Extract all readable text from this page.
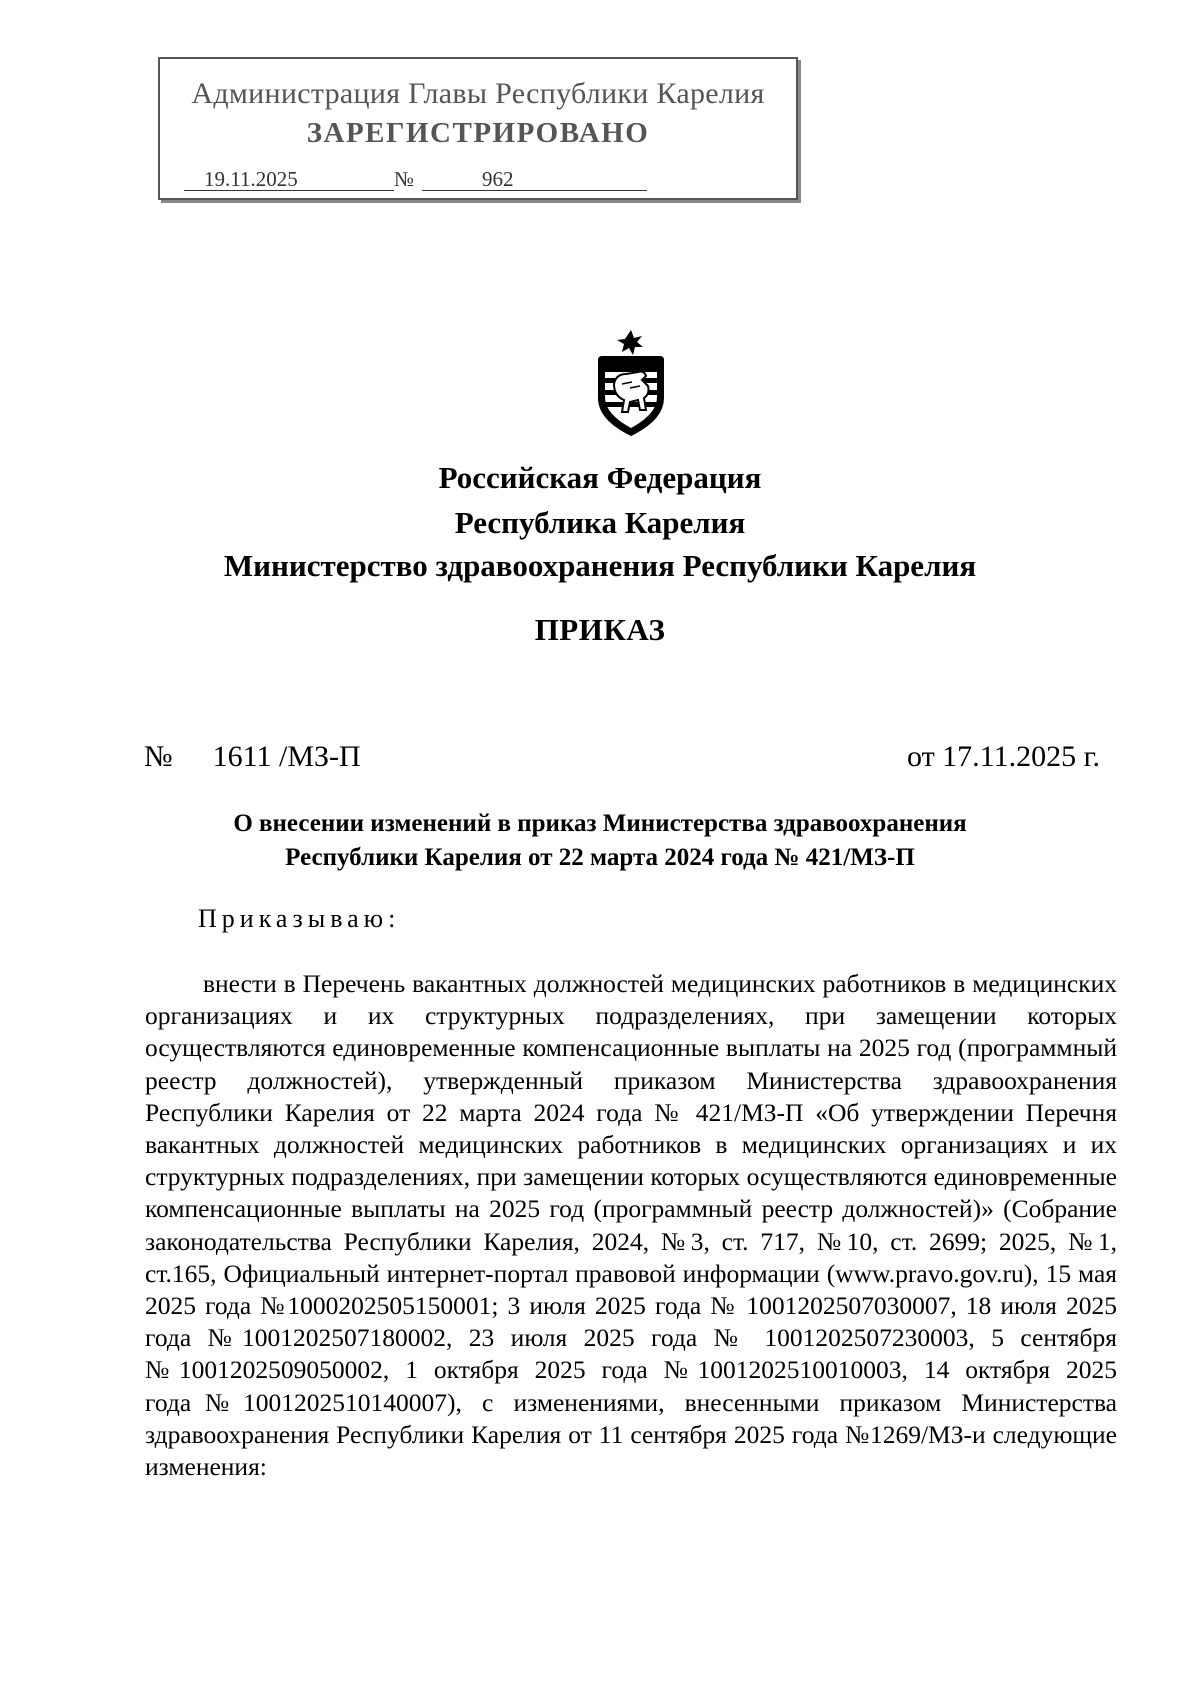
Администрация Главы Республики Карелия
ЗАРЕГИСТРИРОВАНО
19.11.2025	№	962
Российская Федерация
Республика Карелия
Министерство здравоохранения Республики Карелия
ПРИКАЗ
№ 1611 /МЗ-П	от 17.11.2025 г.
О внесении изменений в приказ Министерства здравоохранения
Республики Карелия от 22 марта 2024 года № 421/МЗ-П
Приказываю:

внести в Перечень вакантных должностей медицинских работников в медицинских организациях и их структурных подразделениях, при замещении которых осуществляются единовременные компенсационные выплаты на 2025 год (программный реестр должностей), утвержденный приказом Министерства здравоохранения Республики Карелия от 22 марта 2024 года № 421/МЗ-П «Об утверждении Перечня вакантных должностей медицинских работников в медицинских организациях и их структурных подразделениях, при замещении которых осуществляются единовременные компенсационные выплаты на 2025 год (программный реестр должностей)» (Собрание законодательства Республики Карелия, 2024, №3, ст. 717, №10, ст. 2699; 2025, №1, ст.165, Официальный интернет-портал правовой информации (www.pravo.gov.ru), 15 мая 2025 года №1000202505150001; 3 июля 2025 года № 1001202507030007, 18 июля 2025 года №1001202507180002, 23 июля 2025 года № 1001202507230003, 5 сентября №1001202509050002, 1 октября 2025 года №1001202510010003, 14 октября 2025 года№1001202510140007), с изменениями, внесенными приказом Министерства здравоохранения Республики Карелия от 11 сентября 2025 года №1269/МЗ-и следующие изменения:
